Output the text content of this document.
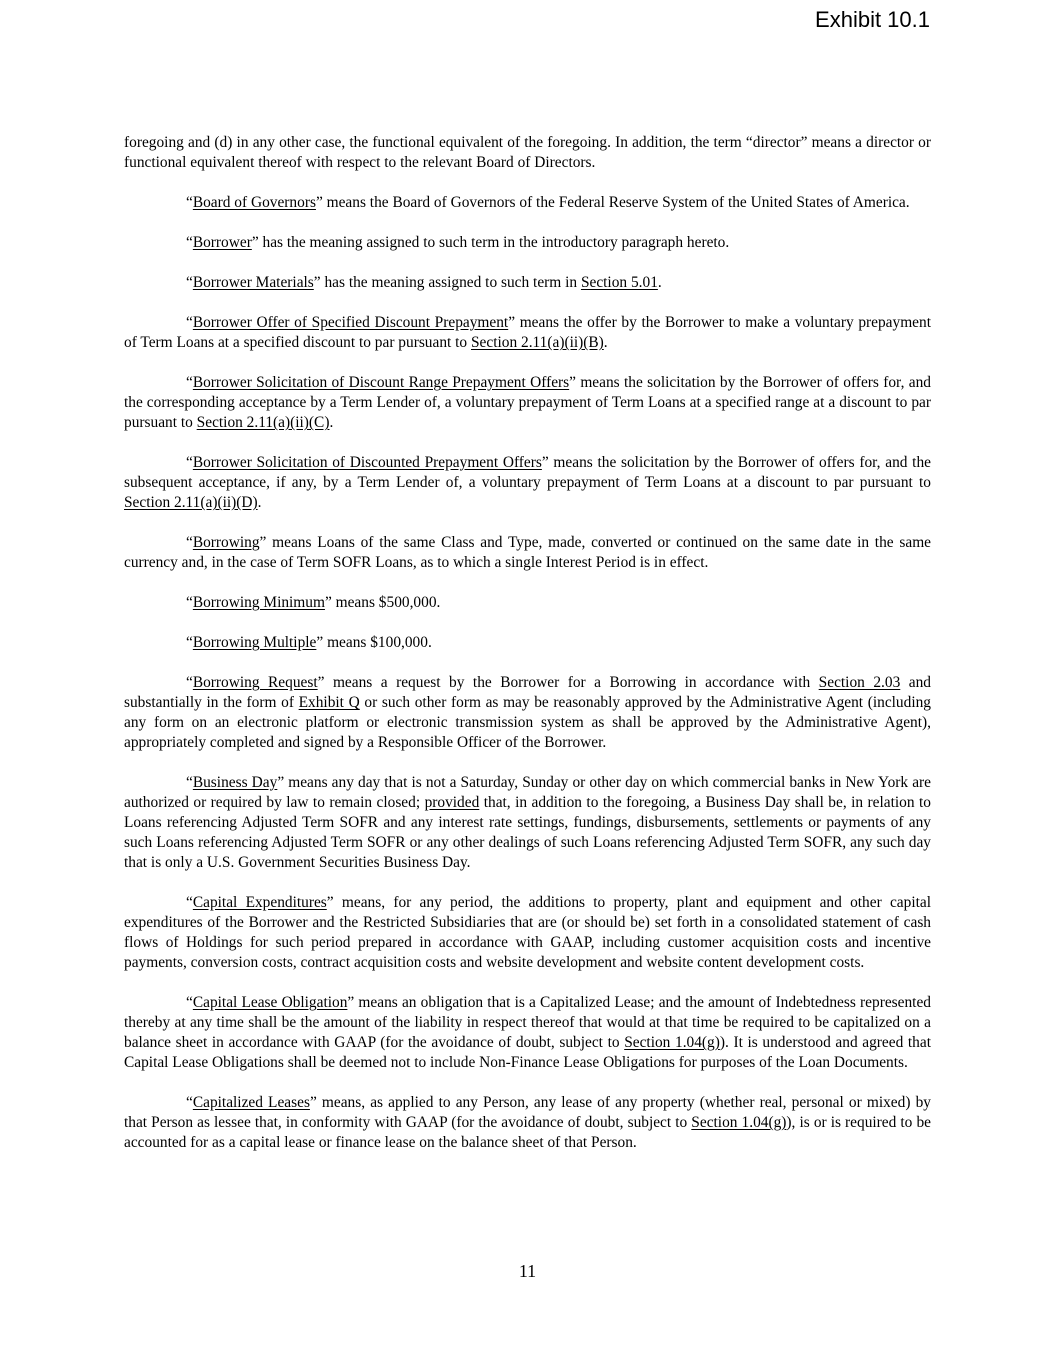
Exhibit 10.1

foregoing and (d) in any other case, the functional equivalent of the foregoing. In addition, the term “director” means a director or functional equivalent thereof with respect to the relevant Board of Directors.

“Board of Governors” means the Board of Governors of the Federal Reserve System of the United States of America.

“Borrower” has the meaning assigned to such term in the introductory paragraph hereto.

“Borrower Materials” has the meaning assigned to such term in Section 5.01.

“Borrower Offer of Specified Discount Prepayment” means the offer by the Borrower to make a voluntary prepayment of Term Loans at a specified discount to par pursuant to Section 2.11(a)(ii)(B).

“Borrower Solicitation of Discount Range Prepayment Offers” means the solicitation by the Borrower of offers for, and the corresponding acceptance by a Term Lender of, a voluntary prepayment of Term Loans at a specified range at a discount to par pursuant to Section 2.11(a)(ii)(C).

“Borrower Solicitation of Discounted Prepayment Offers” means the solicitation by the Borrower of offers for, and the subsequent acceptance, if any, by a Term Lender of, a voluntary prepayment of Term Loans at a discount to par pursuant to Section 2.11(a)(ii)(D).

“Borrowing” means Loans of the same Class and Type, made, converted or continued on the same date in the same currency and, in the case of Term SOFR Loans, as to which a single Interest Period is in effect.

“Borrowing Minimum” means $500,000.

“Borrowing Multiple” means $100,000.

“Borrowing Request” means a request by the Borrower for a Borrowing in accordance with Section 2.03 and substantially in the form of Exhibit Q or such other form as may be reasonably approved by the Administrative Agent (including any form on an electronic platform or electronic transmission system as shall be approved by the Administrative Agent), appropriately completed and signed by a Responsible Officer of the Borrower.

“Business Day” means any day that is not a Saturday, Sunday or other day on which commercial banks in New York are authorized or required by law to remain closed; provided that, in addition to the foregoing, a Business Day shall be, in relation to Loans referencing Adjusted Term SOFR and any interest rate settings, fundings, disbursements, settlements or payments of any such Loans referencing Adjusted Term SOFR or any other dealings of such Loans referencing Adjusted Term SOFR, any such day that is only a U.S. Government Securities Business Day.

“Capital Expenditures” means, for any period, the additions to property, plant and equipment and other capital expenditures of the Borrower and the Restricted Subsidiaries that are (or should be) set forth in a consolidated statement of cash flows of Holdings for such period prepared in accordance with GAAP, including customer acquisition costs and incentive payments, conversion costs, contract acquisition costs and website development and website content development costs.

“Capital Lease Obligation” means an obligation that is a Capitalized Lease; and the amount of Indebtedness represented thereby at any time shall be the amount of the liability in respect thereof that would at that time be required to be capitalized on a balance sheet in accordance with GAAP (for the avoidance of doubt, subject to Section 1.04(g)). It is understood and agreed that Capital Lease Obligations shall be deemed not to include Non-Finance Lease Obligations for purposes of the Loan Documents.

“Capitalized Leases” means, as applied to any Person, any lease of any property (whether real, personal or mixed) by that Person as lessee that, in conformity with GAAP (for the avoidance of doubt, subject to Section 1.04(g)), is or is required to be accounted for as a capital lease or finance lease on the balance sheet of that Person.

11
